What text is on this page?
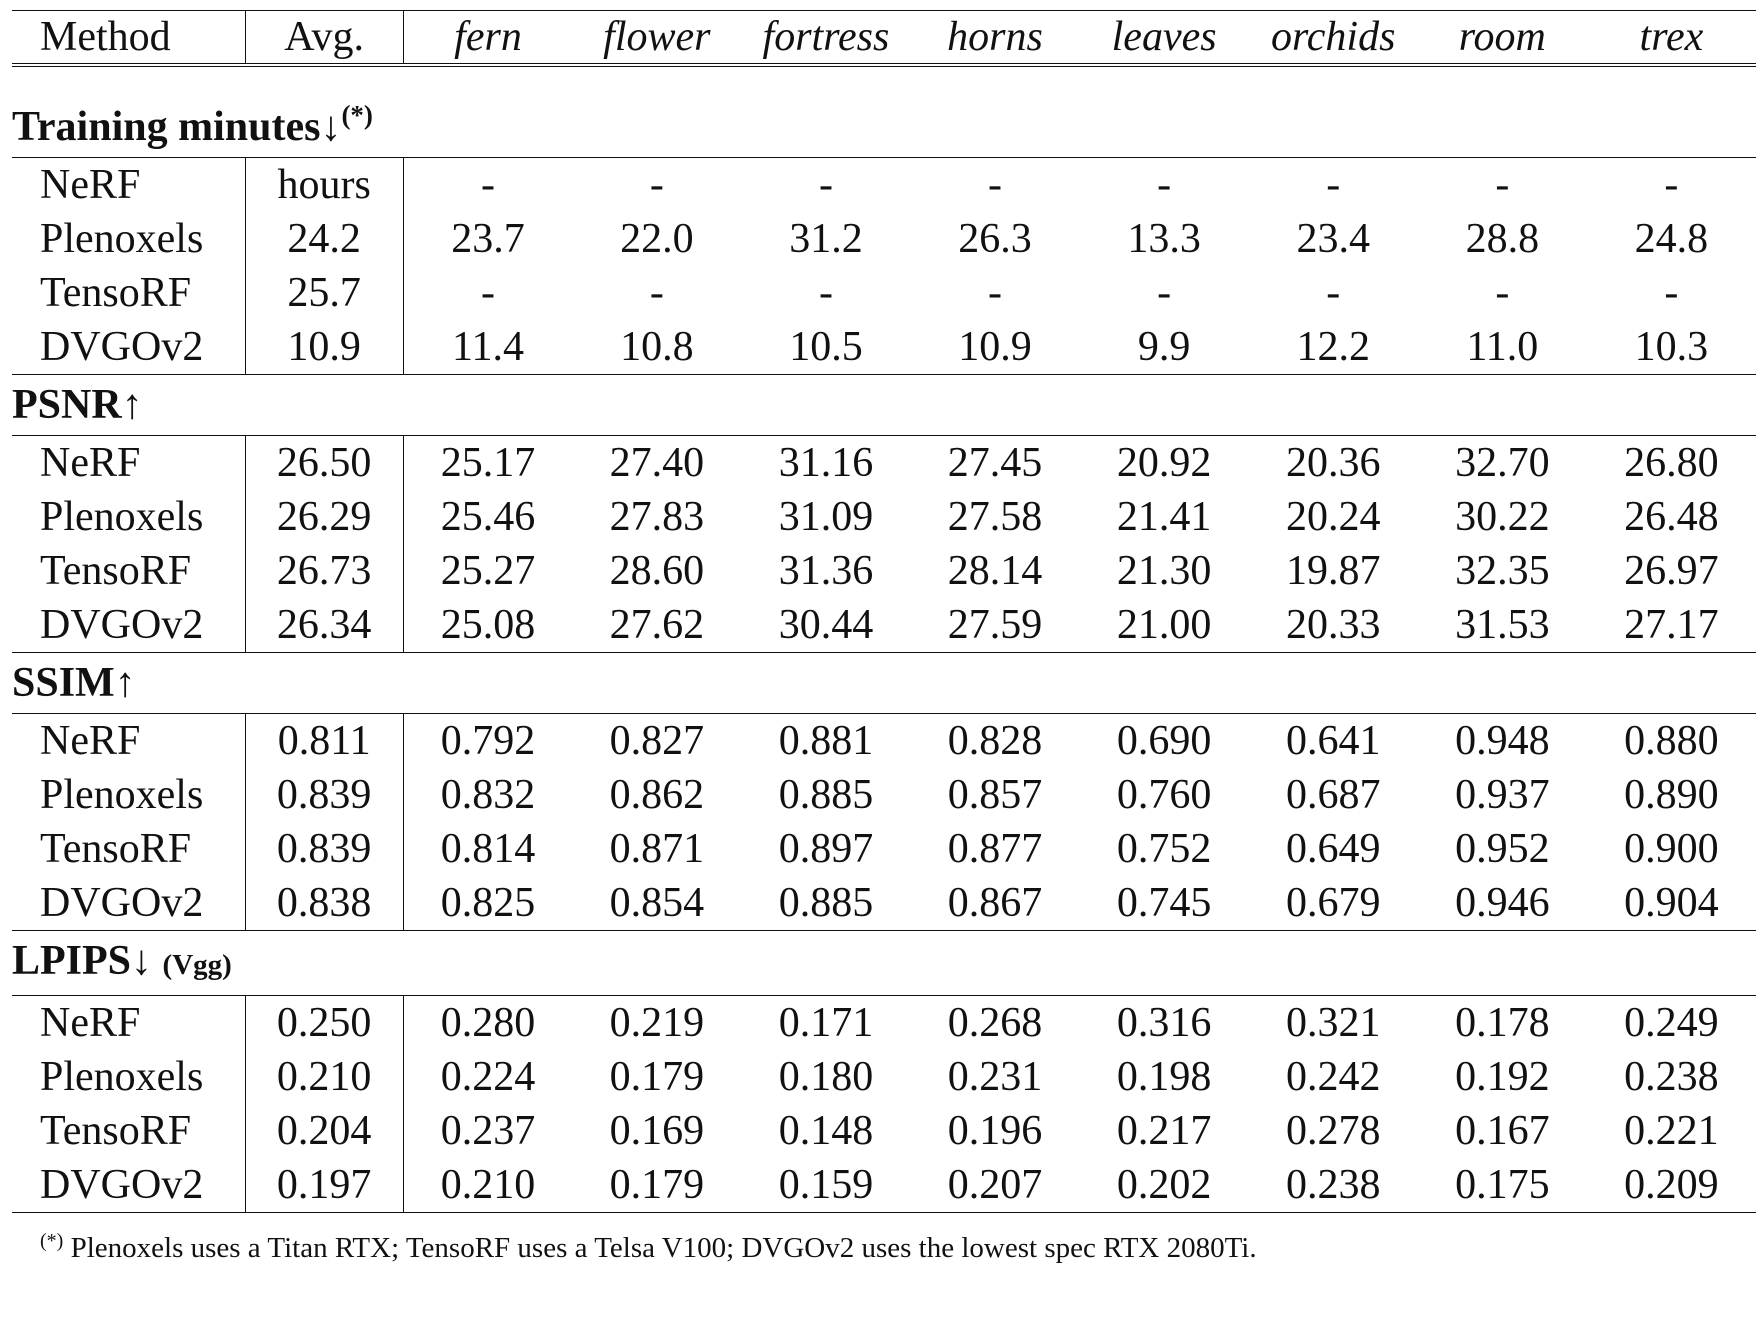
Method	Avg.	fern	flower	fortress	horns	leaves	orchids	room	trex

Training minutes↓(*)
NeRF	hours	-	-	-	-	-	-	-	-
Plenoxels	24.2	23.7	22.0	31.2	26.3	13.3	23.4	28.8	24.8
TensoRF	25.7	-	-	-	-	-	-	-	-
DVGOv2	10.9	11.4	10.8	10.5	10.9	9.9	12.2	11.0	10.3
PSNR↑									
NeRF	26.50	25.17	27.40	31.16	27.45	20.92	20.36	32.70	26.80
Plenoxels	26.29	25.46	27.83	31.09	27.58	21.41	20.24	30.22	26.48
TensoRF	26.73	25.27	28.60	31.36	28.14	21.30	19.87	32.35	26.97
DVGOv2	26.34	25.08	27.62	30.44	27.59	21.00	20.33	31.53	27.17
SSIM↑									
NeRF	0.811	0.792	0.827	0.881	0.828	0.690	0.641	0.948	0.880
Plenoxels	0.839	0.832	0.862	0.885	0.857	0.760	0.687	0.937	0.890
TensoRF	0.839	0.814	0.871	0.897	0.877	0.752	0.649	0.952	0.900
DVGOv2	0.838	0.825	0.854	0.885	0.867	0.745	0.679	0.946	0.904
LPIPS↓ (Vgg)									
NeRF	0.250	0.280	0.219	0.171	0.268	0.316	0.321	0.178	0.249
Plenoxels	0.210	0.224	0.179	0.180	0.231	0.198	0.242	0.192	0.238
TensoRF	0.204	0.237	0.169	0.148	0.196	0.217	0.278	0.167	0.221
DVGOv2	0.197	0.210	0.179	0.159	0.207	0.202	0.238	0.175	0.209
(*) Plenoxels uses a Titan RTX; TensoRF uses a Telsa V100; DVGOv2 uses the lowest spec RTX 2080Ti.
